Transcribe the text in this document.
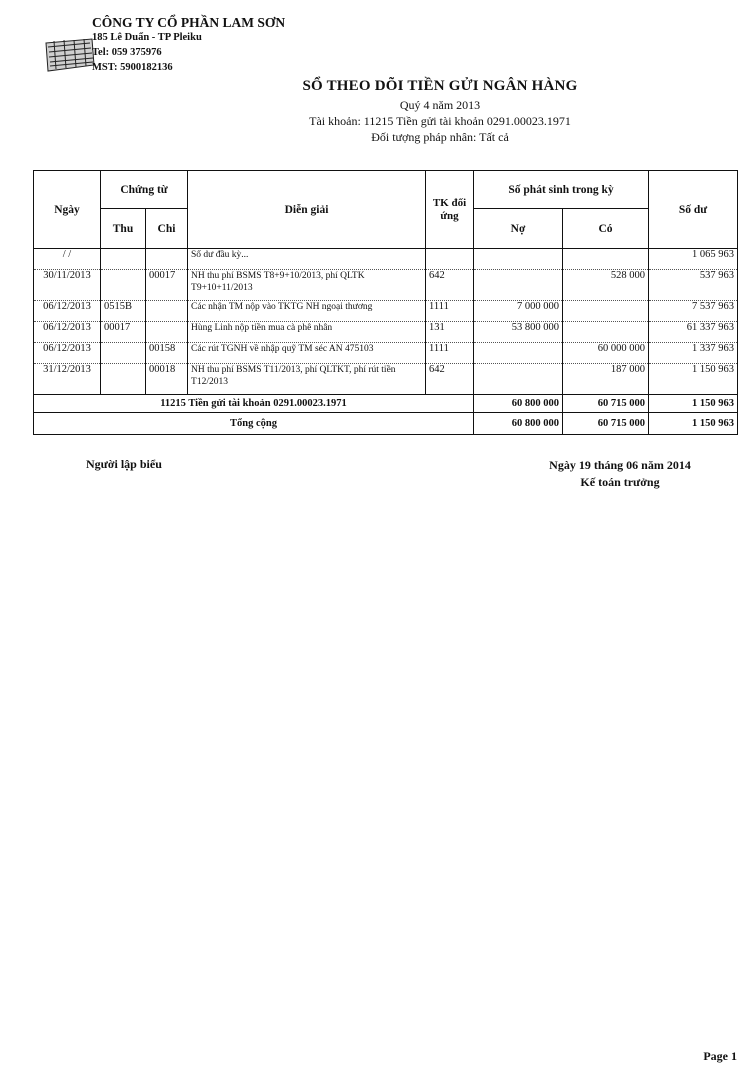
CÔNG TY CỔ PHẦN LAM SƠN
185 Lê Duẩn - TP Pleiku
Tel: 059 375976
MST: 5900182136
SỔ THEO DÕI TIỀN GỬI NGÂN HÀNG
Quý 4 năm 2013
Tài khoản: 11215 Tiền gửi tài khoản 0291.00023.1971
Đối tượng pháp nhân: Tất cả
Ngày	Chứng từ		Diễn giải	TK đối ứng	Số phát sinh trong kỳ		Số dư
	Thu	Chi			Nợ	Có	
/ /			Số dư đầu kỳ...				1 065 963
30/11/2013		00017	NH thu phí BSMS T8+9+10/2013, phí QLTK T9+10+11/2013	642		528 000	537 963
06/12/2013	0515B		Các nhận TM nộp vào TKTG NH ngoại thương	1111	7 000 000		7 537 963
06/12/2013	00017		Hùng Linh nộp tiền mua cà phê nhân	131	53 800 000		61 337 963
06/12/2013		00158	Các rút TGNH về nhập quỹ TM séc AN 475103	1111		60 000 000	1 337 963
31/12/2013		00018	NH thu phí BSMS T11/2013, phí QLTKT, phí rút tiền T12/2013	642		187 000	1 150 963
11215 Tiền gửi tài khoản 0291.00023.1971					60 800 000	60 715 000	1 150 963
Tổng cộng					60 800 000	60 715 000	1 150 963
Người lập biểu	Ngày 19 tháng 06 năm 2014
Kế toán trưởng
Page 1
